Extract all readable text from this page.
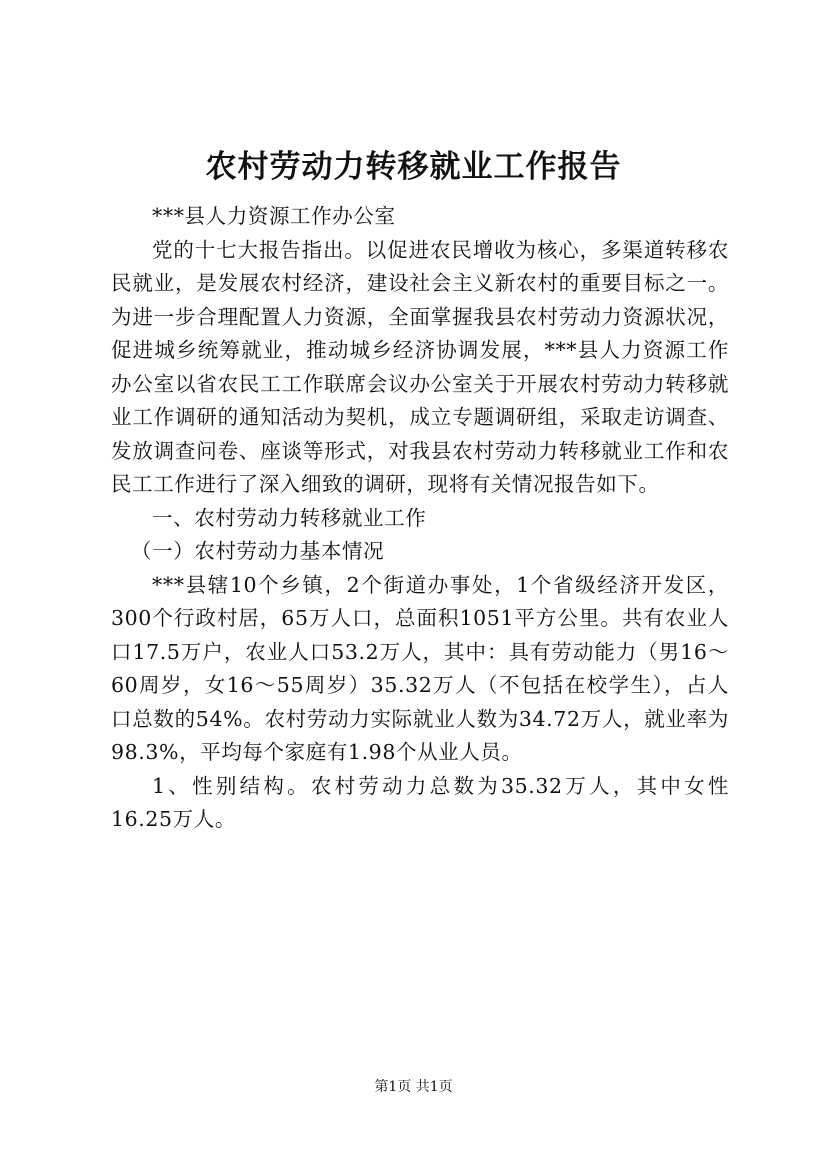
农村劳动力转移就业工作报告

***县人力资源工作办公室

党的十七大报告指出。以促进农民增收为核心，多渠道转移农民就业，是发展农村经济，建设社会主义新农村的重要目标之一。为进一步合理配置人力资源，全面掌握我县农村劳动力资源状况，促进城乡统筹就业，推动城乡经济协调发展，***县人力资源工作办公室以省农民工工作联席会议办公室关于开展农村劳动力转移就业工作调研的通知活动为契机，成立专题调研组，采取走访调查、发放调查问卷、座谈等形式，对我县农村劳动力转移就业工作和农民工工作进行了深入细致的调研，现将有关情况报告如下。

一、农村劳动力转移就业工作

（一）农村劳动力基本情况

***县辖10个乡镇，2个街道办事处，1个省级经济开发区，300个行政村居，65万人口，总面积1051平方公里。共有农业人口17.5万户，农业人口53.2万人，其中：具有劳动能力（男16～60周岁，女16～55周岁）35.32万人（不包括在校学生），占人口总数的54%。农村劳动力实际就业人数为34.72万人，就业率为98.3%，平均每个家庭有1.98个从业人员。

1、性别结构。农村劳动力总数为35.32万人，其中女性16.25万人。

第1页 共1页
